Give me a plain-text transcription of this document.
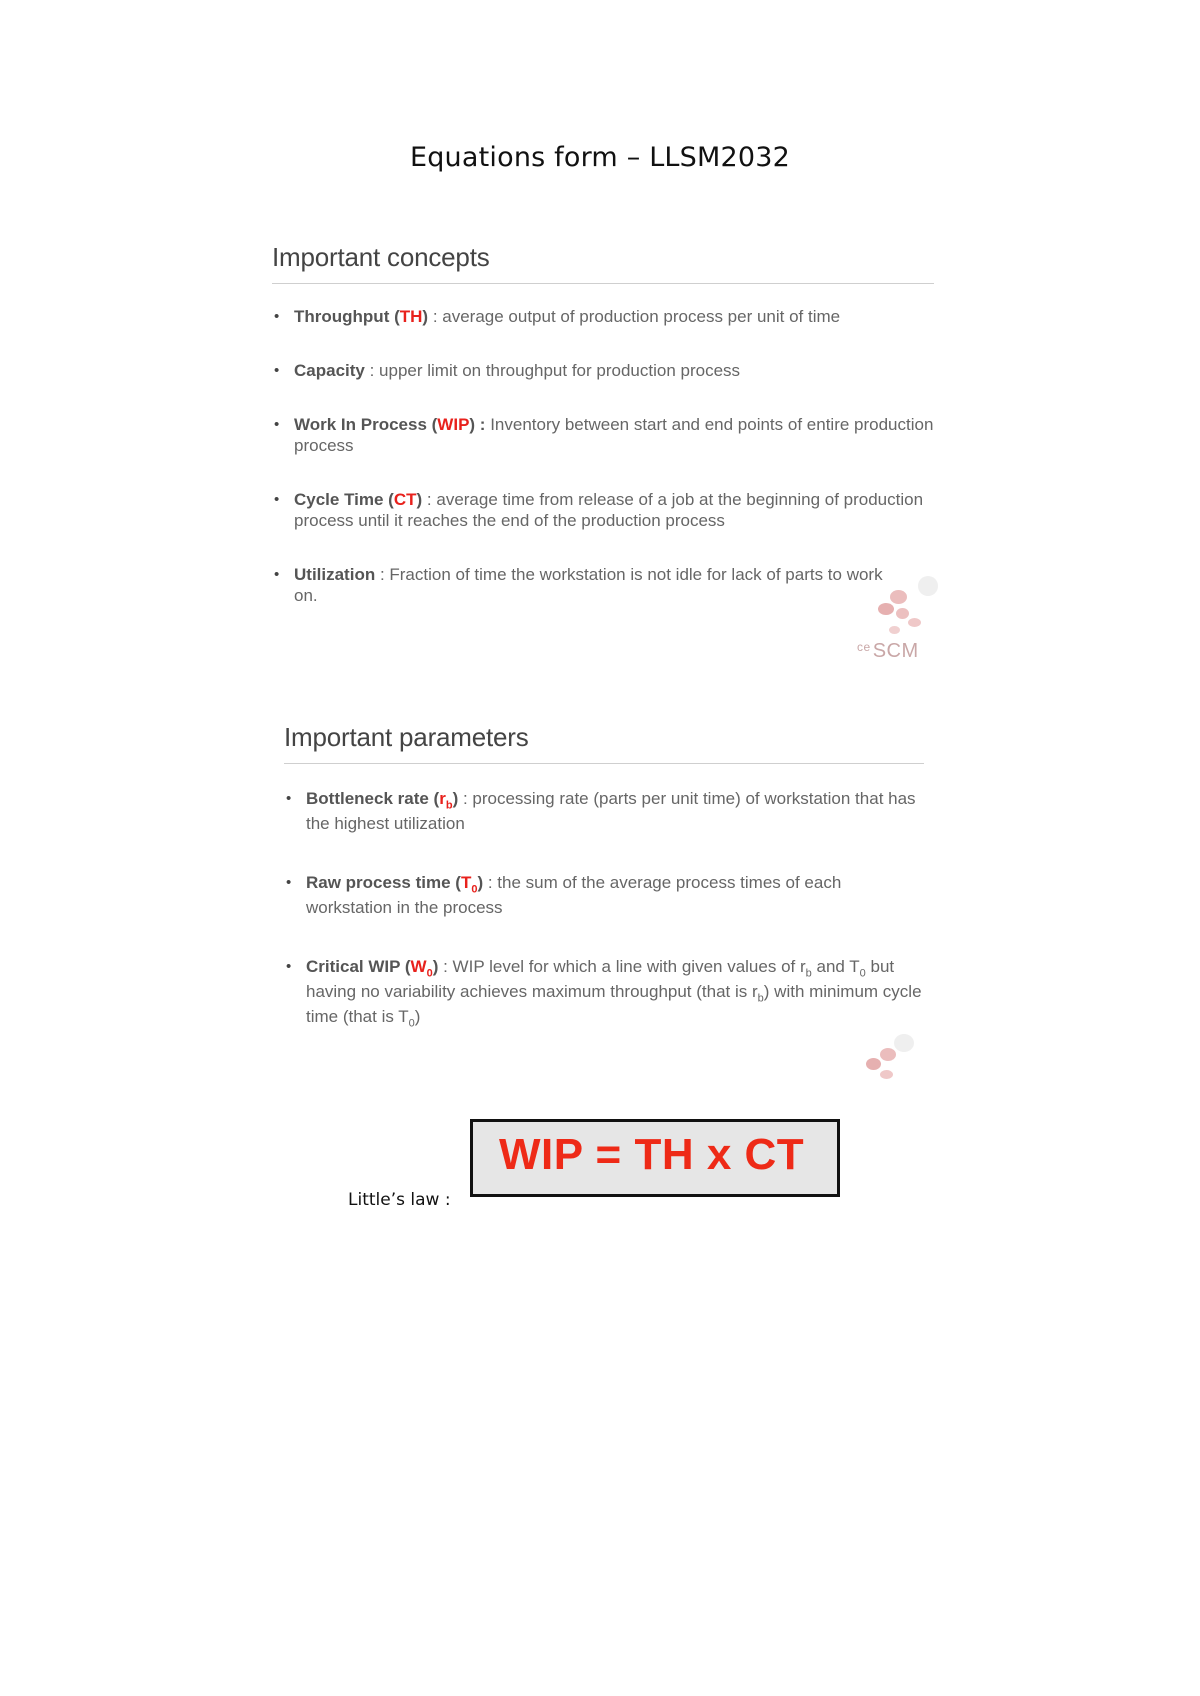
Equations form – LLSM2032
Important concepts
• Throughput (TH) : average output of production process per unit of time
• Capacity : upper limit on throughput for production process
• Work In Process (WIP) : Inventory between start and end points of entire production process
• Cycle Time (CT) : average time from release of a job at the beginning of production process until it reaches the end of the production process
• Utilization : Fraction of time the workstation is not idle for lack of parts to work on.
$^{ce}$ SCM
Important parameters
• Bottleneck rate $(r_b)$ : processing rate (parts per unit time) of workstation that has the highest utilization
• Raw process time $(T_0)$ : the sum of the average process times of each workstation in the process
• Critical WIP $(W_0)$ : WIP level for which a line with given values of $r_b$ and $T_0$ but having no variability achieves maximum throughput (that is $r_b$) with minimum cycle time (that is $T_0$)
Little’s law :
WIP = TH x CT
